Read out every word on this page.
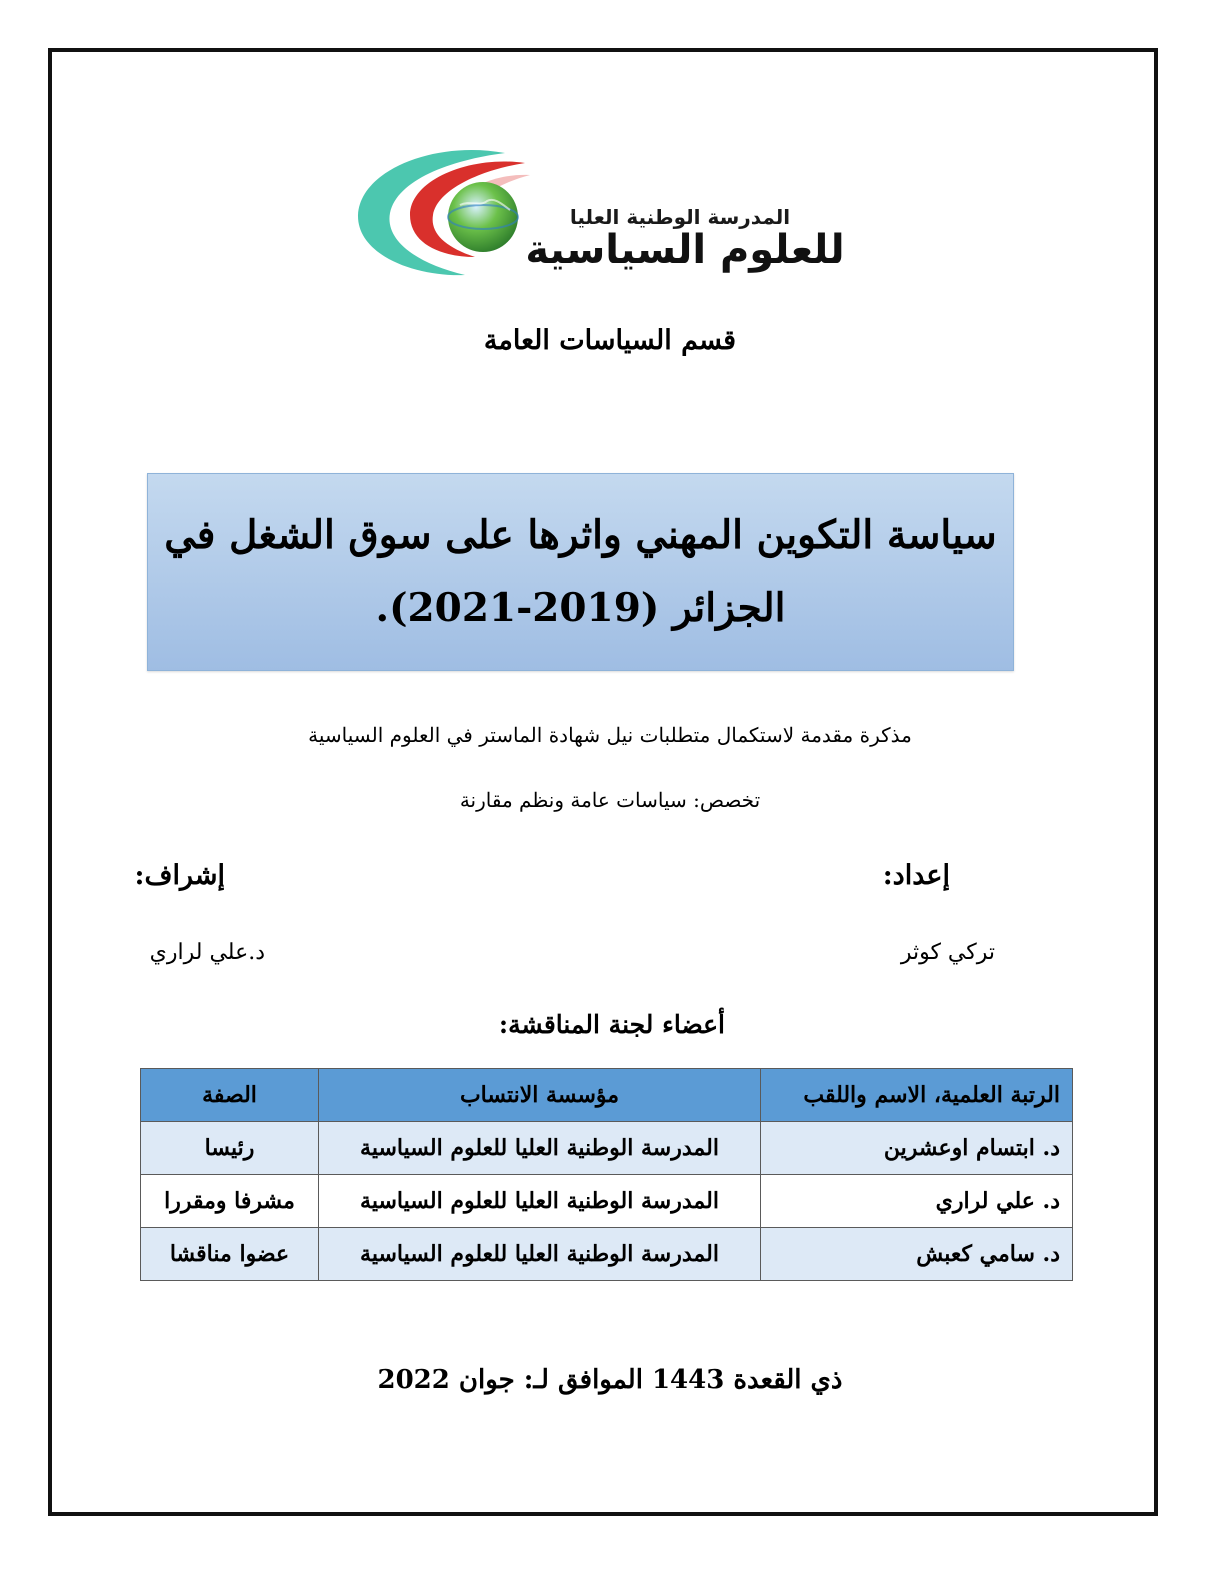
المدرسة الوطنية العليا
للعلوم السياسية
قسم السياسات العامة
سياسة التكوين المهني واثرها على سوق الشغل في
الجزائر (2019-2021).
مذكرة مقدمة لاستكمال متطلبات نيل شهادة الماستر في العلوم السياسية
تخصص: سياسات عامة ونظم مقارنة
إعداد:
إشراف:
تركي كوثر
د.علي لراري
أعضاء لجنة المناقشة:
الرتبة العلمية، الاسم واللقب	مؤسسة الانتساب	الصفة
د. ابتسام اوعشرين	المدرسة الوطنية العليا للعلوم السياسية	رئيسا
د. علي لراري	المدرسة الوطنية العليا للعلوم السياسية	مشرفا ومقررا
د. سامي كعبش	المدرسة الوطنية العليا للعلوم السياسية	عضوا مناقشا
ذي القعدة 1443 الموافق لـ: جوان 2022
